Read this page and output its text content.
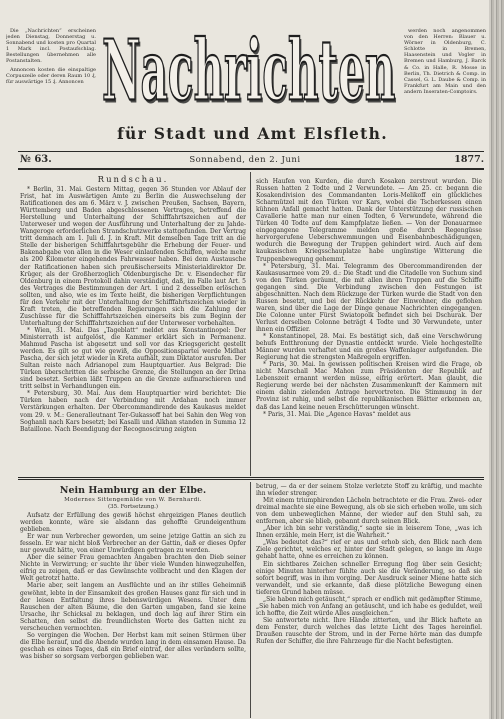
Die „Nachrichten“ erscheinen jeden Dienstag, Donnerstag u. Sonnabend und kosten pro Quartal 1 Mark incl. Postaufschlag. Bestellungen übernehmen alle Postanstalten.

Annoncen kosten die einspaltige Corpuszeile oder deren Raum 10 ₰, für auswärtige 15 ₰. Annoncen Nachrichten	werden noch angenommen von den Herren: Blauer u. Wörner in Oldenburg, C. Schlotte in Bremen, Haasenstein und Vogler in Bremen und Hamburg, J. Barck & Co. in Halle, R. Mosse in Berlin, Th. Dietrich & Comp. in Cassel, G. L. Daube & Comp. in Frankfurt am Main und den andern Inseraten-Comptoirs.

für Stadt und Amt Elsfleth.
№ 63.	Sonnabend, den 2. Juni	1877.
Rundschau.

* Berlin, 31. Mai. Gestern Mittag, gegen 36 Stunden vor Ablauf der Frist, hat im Auswärtigen Amte zu Berlin die Auswechselung der Ratificationen des am 6. März v. J. zwischen Preußen, Sachsen, Bayern, Württemberg und Baden abgeschlossenen Vertrages, betreffend die Herstellung und Unterhaltung der Schifffahrtszeichen auf der Unterweser und wegen der Ausführung und Unterhaltung der zu Jahde-Wangeroge erforderlichen Strandschutzwerke stattgefunden. Der Vertrag tritt demnach am 1. Juli d. J. in Kraft. Mit demselben Tage tritt an die Stelle der bisherigen Schifffahrtsgebühr die Erhebung der Feuer- und Bakenabgabe von allen in die Weser einlaufenden Schiffen, welche mehr als 200 Kilometer eingehendes Fahrwasser haben. Bei dem Austausche der Ratificationen haben sich preußischerseits Ministerialdirektor Dr. Krüger, als der Großherzoglich Oldenburgische Dr. v. Eisendecher für Oldenburg in einem Protokoll dahin verständigt, daß, im Falle laut Art. 5 des Vertrages die Bestimmungen der Art. 1 und 2 desselben erlöschen sollten, und also, wie es im Texte heißt, die bisherigen Verpflichtungen für den Verkehr mit der Unterhaltung der Schifffahrtszeichen wieder in Kraft treten, die betreffenden Regierungen sich die Zahlung der Zuschüsse für die Schifffahrtszeichen einerseits bis zum Beginn der Unterhaltung der Schifffahrtszeichen auf der Unterweser vorbehalten.

* Wien, 31. Mai. Das „Tageblatt“ meldet aus Konstantinopel: Der Ministerrath ist aufgelöst, die Kammer erklärt sich in Permanenz. Mahmud Pascha ist abgesetzt und soll vor das Kriegsgericht gestellt werden. Es gilt so gut wie gewiß, die Oppositionspartei werde Midhat Pascha, der sich jetzt wieder in Kreta aufhält, zum Diktator ausrufen. Der Sultan reiste nach Adrianopel zum Hauptquartier. Aus Belgrad: Die Türken überschritten die serbische Grenze, die Stellungen an der Drina sind besetzt. Serbien läßt Truppen an die Grenze aufmarschieren und tritt selbst in Verhandlungen ein.

* Petersburg, 30. Mai. Aus dem Hauptquartier wird berichtet: Die Türken haben nach der Verbindung mit Ardahan noch immer Verstärkungen erhalten. Der Obercommandirende des Kaukasus meldet vom 29. v. M.: Generalleutnant Ter-Gukassoff hat bei Sahin den Weg von Soghanli nach Kars besetzt; bei Kasalli und Alkhan standen in Summa 12 Bataillone. Nach Beendigung der Recognoscirung zeigten

sich Haufen von Kurden, die durch Kosaken zerstreut wurden. Die Russen hatten 2 Todte und 2 Verwundete. — Am 25. cr. begann die Kosakendivision des Commandanten Loris-Melikoff ein glückliches Scharmützel mit den Türken vor Kars, wobei die Tscherkessen einen kühnen Anfall gemacht hatten. Dank der Unterstützung der russischen Cavallerie hatte man nur einen Todten, 6 Verwundete, während die Türken 40 Todte auf dem Kampfplatze ließen. — Von der Donauarmee eingegangene Telegramme melden große durch Regengüsse hervorgerufene Ueberschwemmungen und Eisenbahnbeschädigungen, wodurch die Bewegung der Truppen gehindert wird. Auch auf dem kaukasischen Kriegsschauplatze habe ungünstige Witterung die Truppenbewegung gehemmt.

* Petersburg, 31. Mai. Telegramm des Obercommandirenden der Kaukasusarmee vom 29. d.: Die Stadt und die Citadelle von Suchum sind von den Türken geräumt, die mit allen ihren Truppen auf die Schiffe gegangen sind. Die Verbindung zwischen den Festungen ist abgeschnitten. Nach dem Rückzuge der Türken wurde die Stadt von den Russen besetzt, und bei der Rückkehr der Einwohner, die geflohen waren, sind über die Lage der Dinge genaue Nachrichten eingegangen. Die Colonne unter Fürst Swiatopolk befindet sich bei Dschurak. Der Verlust derselben Colonne beträgt 4 Todte und 30 Verwundete, unter ihnen ein Offizier.

* Konstantinopel, 28. Mai. Es bestätigt sich, daß eine Verschwörung behufs Entthronung der Dynastie entdeckt wurde. Viele hochgestellte Männer wurden verhaftet und ein großes Waffenlager aufgefunden. Die Regierung hat die strengsten Maßregeln ergriffen.

* Paris, 30. Mai. In gewissen politischen Kreisen wird die Frage, ob nicht Marschall Mac Mahon zum Präsidenten der Republik auf Lebenszeit ernannt werden müsse, eifrig erörtert. Man glaubt, die Regierung werde bei der nächsten Zusammenkunft der Kammern mit einem dahin zielenden Antrage hervortreten. Die Stimmung in der Provinz ist ruhig, und selbst die republikanischen Blätter erkennen an, daß das Land keine neuen Erschütterungen wünscht.

* Paris, 31. Mai. Die „Agence Havas“ meldet aus

Nein Hamburg an der Elbe.
Modernes Sittengemälde von W. Bernhardi.
(35. Fortsetzung.)

Aufsatz der Erfüllung des gewiß höchst ehrgeizigen Planes deutlich werden konnte, wäre sie alsdann das gehoffte Grundeigenthum geblieben.

Er war nun Verbrecher geworden, um seine jetzige Gattin an sich zu fesseln. Er war nicht bloß Verbrecher an der Gattin, daß er dieses Opfer nur gewußt hätte, von einer Unwürdigen getragen zu werden.

Aber die seiner Frau gemachten Angaben brachten den Dieb seiner Nichte in Verwirrung; er suchte ihr über viele Wunden hinwegzuhelfen, eifrig zu zeigen, daß er das Gewünschte vollbracht und den Klagen der Welt getrotzt hatte.

Marie aber, seit langem an Ausflüchte und an ihr stilles Geheimniß gewöhnt, lebte in der Einsamkeit des großen Hauses ganz für sich und in der leisen Entfaltung ihres liebenswürdigen Wesens. Unter dem Rauschen der alten Bäume, die den Garten umgaben, fand sie keine Ursache, ihr Schicksal zu beklagen, und doch lag auf ihrer Stirn ein Schatten, den selbst die freundlichsten Worte des Gatten nicht zu verscheuchen vermochten.

So vergingen die Wochen. Der Herbst kam mit seinen Stürmen über die Elbe herauf, und die Abende wurden lang in dem einsamen Hause. Da geschah es eines Tages, daß ein Brief eintraf, der alles verändern sollte, was bisher so sorgsam verborgen geblieben war.

betrug, — da er der seinem Stolze verletzte Stoff zu kräftig, und machte ihn wieder strenger.

Mit einem triumphirenden Lächeln betrachtete er die Frau. Zwei- oder dreimal machte sie eine Bewegung, als ob sie sich erheben wolle, um sich von dem unbeweglichen Manne, der wieder auf den Stuhl sah, zu entfernen, aber sie blieb, gebannt durch seinen Blick.

„Aber ich bin sehr verständig,“ sagte sie in leiserem Tone, „was ich Ihnen erzähle, mein Herr, ist die Wahrheit.“

„Was bedeutet das?“ rief er aus und erhob sich, den Blick nach dem Ziele gerichtet, welches er, hinter der Stadt gelegen, so lange im Auge gehabt hatte, ohne es erreichen zu können.

Ein sichtbares Zeichen schneller Erregung flog über sein Gesicht; einige Minuten hinterher fühlte auch sie die Veränderung, so daß sie sofort begriff, was in ihm vorging. Der Ausdruck seiner Miene hatte sich verwandelt, und sie erkannte, daß diese plötzliche Bewegung einen tieferen Grund haben müsse.

„Sie haben mich getäuscht,“ sprach er endlich mit gedämpfter Stimme, „Sie haben mich von Anfang an getäuscht, und ich habe es geduldet, weil ich hoffte, die Zeit würde Alles ausgleichen.“

Sie antwortete nicht. Ihre Hände zitterten, und ihr Blick haftete an dem Fenster, durch welches das letzte Licht des Tages hereinfiel. Draußen rauschte der Strom, und in der Ferne hörte man das dumpfe Rufen der Schiffer, die ihre Fahrzeuge für die Nacht befestigten.
